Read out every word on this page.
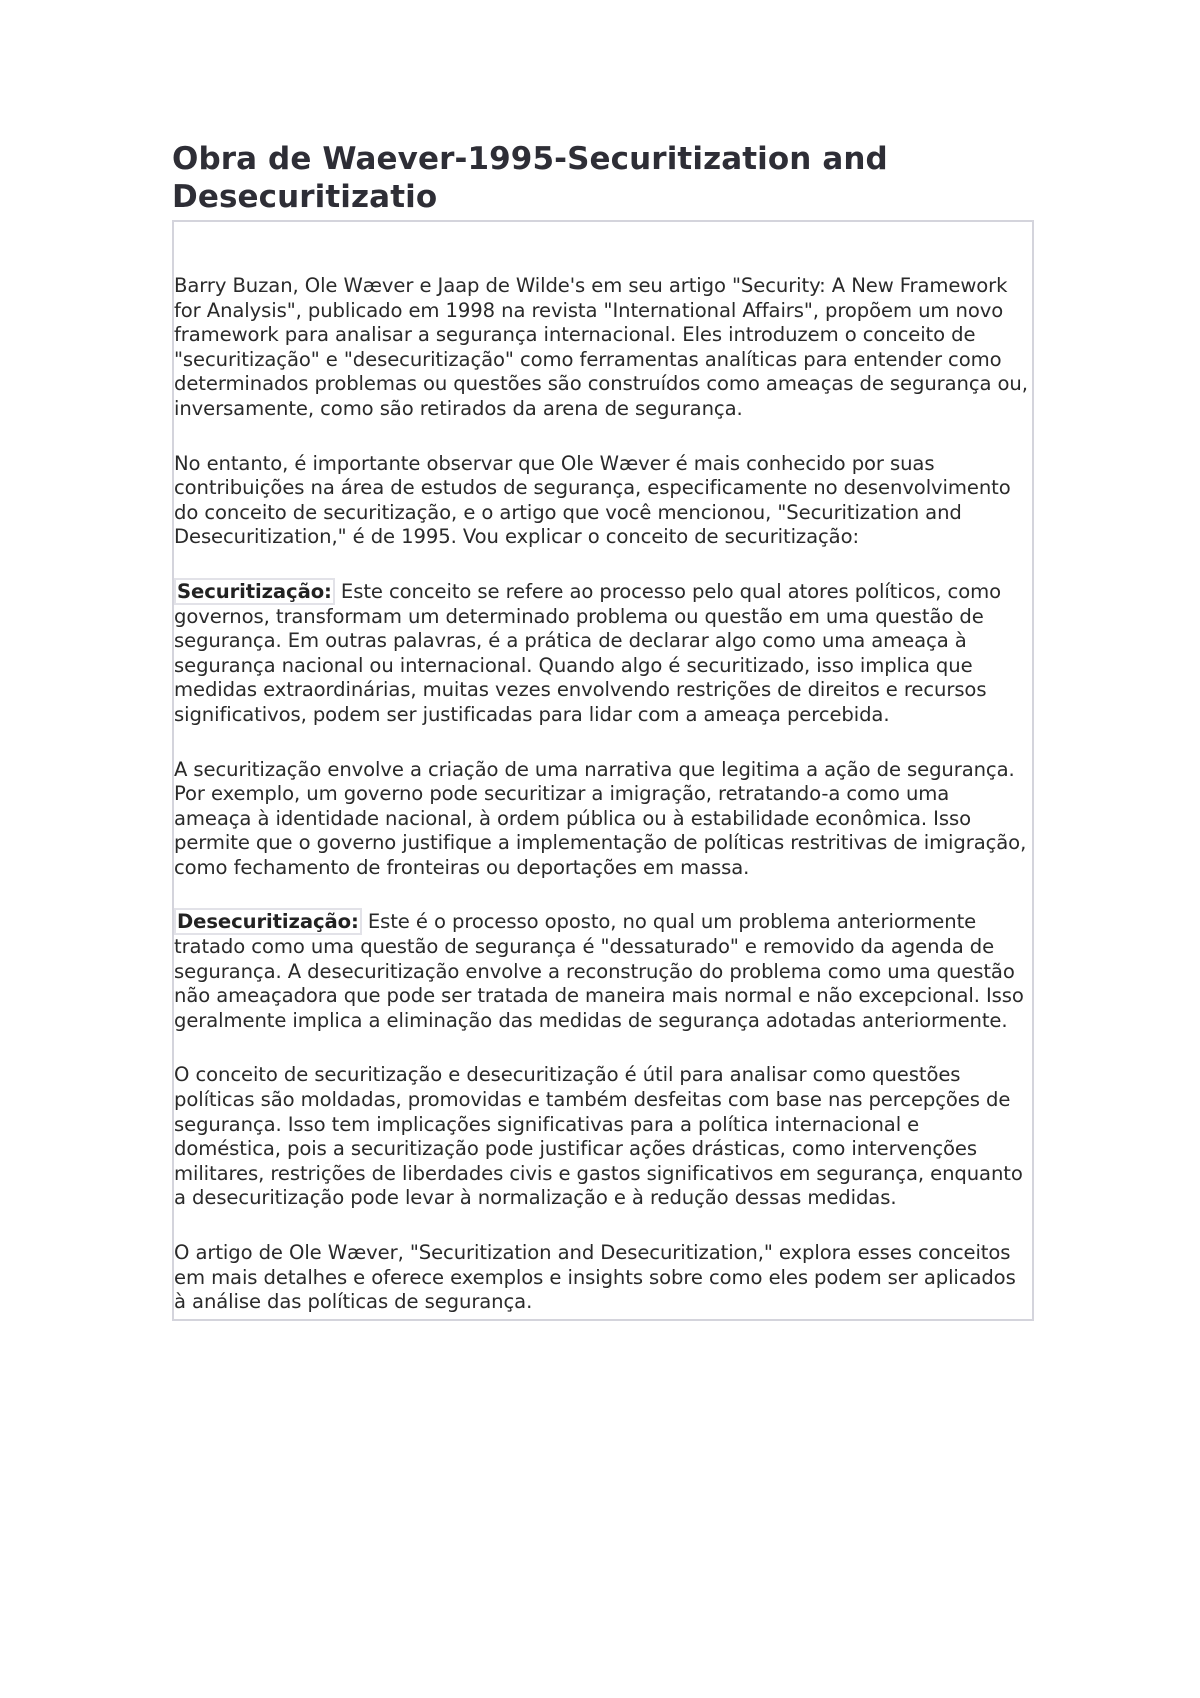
Obra de Waever-1995-Securitization and Desecuritizatio

Barry Buzan, Ole Wæver e Jaap de Wilde's em seu artigo "Security: A New Framework for Analysis", publicado em 1998 na revista "International Affairs", propõem um novo framework para analisar a segurança internacional. Eles introduzem o conceito de "securitização" e "desecuritização" como ferramentas analíticas para entender como determinados problemas ou questões são construídos como ameaças de segurança ou, inversamente, como são retirados da arena de segurança.

No entanto, é importante observar que Ole Wæver é mais conhecido por suas contribuições na área de estudos de segurança, especificamente no desenvolvimento do conceito de securitização, e o artigo que você mencionou, "Securitization and Desecuritization," é de 1995. Vou explicar o conceito de securitização:

Securitização: Este conceito se refere ao processo pelo qual atores políticos, como governos, transformam um determinado problema ou questão em uma questão de segurança. Em outras palavras, é a prática de declarar algo como uma ameaça à segurança nacional ou internacional. Quando algo é securitizado, isso implica que medidas extraordinárias, muitas vezes envolvendo restrições de direitos e recursos significativos, podem ser justificadas para lidar com a ameaça percebida.

A securitização envolve a criação de uma narrativa que legitima a ação de segurança. Por exemplo, um governo pode securitizar a imigração, retratando-a como uma ameaça à identidade nacional, à ordem pública ou à estabilidade econômica. Isso permite que o governo justifique a implementação de políticas restritivas de imigração, como fechamento de fronteiras ou deportações em massa.

Desecuritização: Este é o processo oposto, no qual um problema anteriormente tratado como uma questão de segurança é "dessaturado" e removido da agenda de segurança. A desecuritização envolve a reconstrução do problema como uma questão não ameaçadora que pode ser tratada de maneira mais normal e não excepcional. Isso geralmente implica a eliminação das medidas de segurança adotadas anteriormente.

O conceito de securitização e desecuritização é útil para analisar como questões políticas são moldadas, promovidas e também desfeitas com base nas percepções de segurança. Isso tem implicações significativas para a política internacional e doméstica, pois a securitização pode justificar ações drásticas, como intervenções militares, restrições de liberdades civis e gastos significativos em segurança, enquanto a desecuritização pode levar à normalização e à redução dessas medidas.

O artigo de Ole Wæver, "Securitization and Desecuritization," explora esses conceitos em mais detalhes e oferece exemplos e insights sobre como eles podem ser aplicados à análise das políticas de segurança.
